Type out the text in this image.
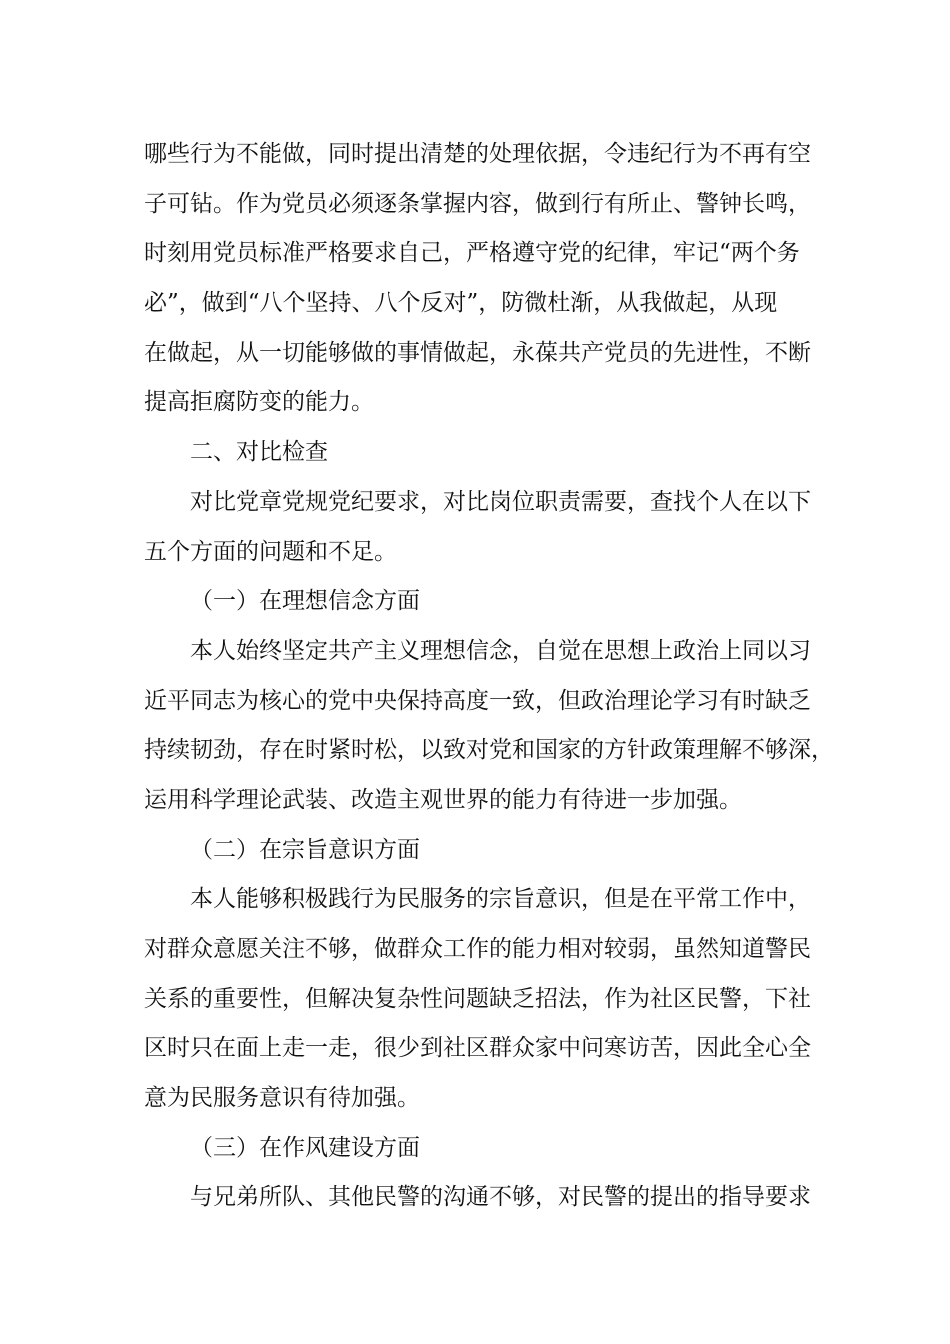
哪些行为不能做，同时提出清楚的处理依据，令违纪行为不再有空
子可钻。作为党员必须逐条掌握内容，做到行有所止、警钟长鸣，
时刻用党员标准严格要求自己，严格遵守党的纪律，牢记“两个务
必”，做到“八个坚持、八个反对”，防微杜渐，从我做起，从现
在做起，从一切能够做的事情做起，永葆共产党员的先进性，不断
提高拒腐防变的能力。
二、对比检查
对比党章党规党纪要求，对比岗位职责需要，查找个人在以下
五个方面的问题和不足。
（一）在理想信念方面
本人始终坚定共产主义理想信念，自觉在思想上政治上同以习
近平同志为核心的党中央保持高度一致，但政治理论学习有时缺乏
持续韧劲，存在时紧时松，以致对党和国家的方针政策理解不够深，
运用科学理论武装、改造主观世界的能力有待进一步加强。
（二）在宗旨意识方面
本人能够积极践行为民服务的宗旨意识，但是在平常工作中，
对群众意愿关注不够，做群众工作的能力相对较弱，虽然知道警民
关系的重要性，但解决复杂性问题缺乏招法，作为社区民警，下社
区时只在面上走一走，很少到社区群众家中问寒访苦，因此全心全
意为民服务意识有待加强。
（三）在作风建设方面
与兄弟所队、其他民警的沟通不够，对民警的提出的指导要求
